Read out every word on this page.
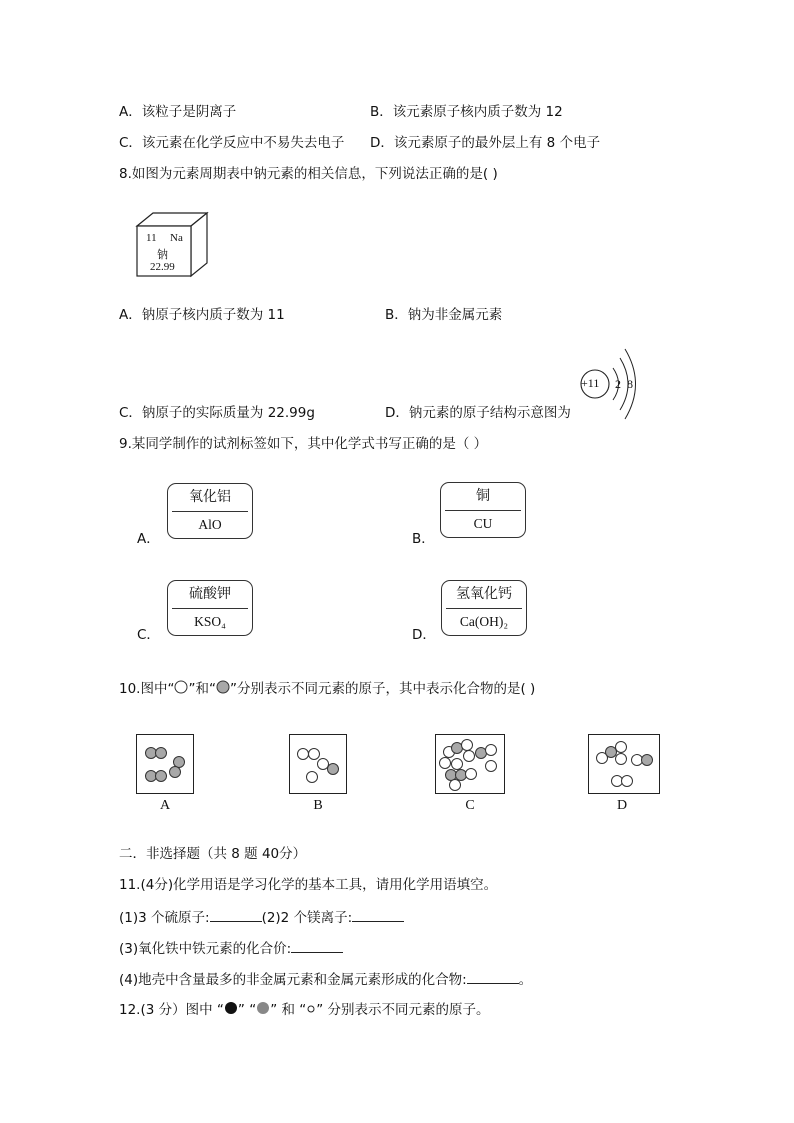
A．该粒子是阴离子	B．该元素原子核内质子数为 12
C．该元素在化学反应中不易失去电子 D．该元素原子的最外层上有 8 个电子
8.如图为元素周期表中钠元素的相关信息，下列说法正确的是( )
11 Na
钠
22.99
A．钠原子核内质子数为 11	B．钠为非金属元素
C．钠原子的实际质量为 22.99g	D．钠元素的原子结构示意图为
+11 2 8
9.某同学制作的试剂标签如下，其中化学式书写正确的是（ ）
A．
氧化铝
AlO
B．
铜
CU
C．
硫酸钾
KSO₄
D．
氢氧化钙
Ca(OH)₂
10.图中“ ”和“ ”分别表示不同元素的原子，其中表示化合物的是( )
A	B	C	D
二．非选择题（共 8 题 40分）
11.(4分)化学用语是学习化学的基本工具，请用化学用语填空。
(1)3 个硫原子:	(2)2 个镁离子:
(3)氧化铁中铁元素的化合价:
(4)地壳中含量最多的非金属元素和金属元素形成的化合物:	。
12.(3 分）图中 “ ” “ ” 和 “ ” 分别表示不同元素的原子。
